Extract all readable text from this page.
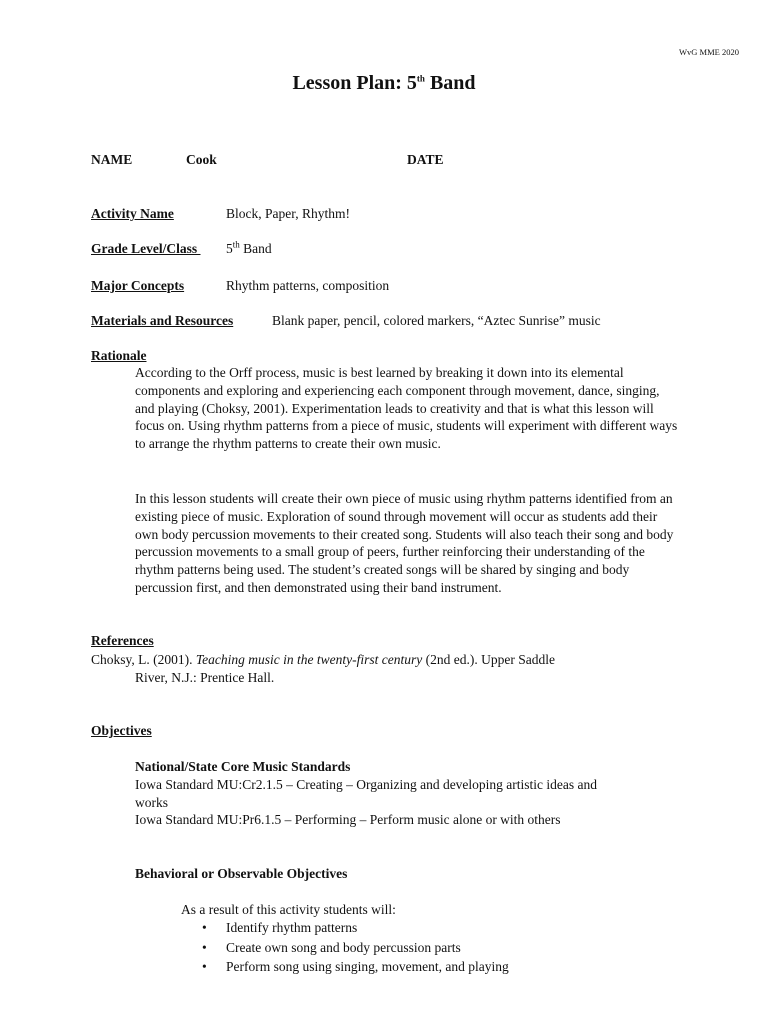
WvG MME 2020
Lesson Plan: 5th Band
NAME	Cook	DATE
Activity Name	Block, Paper, Rhythm!
Grade Level/Class 5th Band
Major Concepts	Rhythm patterns, composition
Materials and Resources	Blank paper, pencil, colored markers, “Aztec Sunrise” music
Rationale
According to the Orff process, music is best learned by breaking it down into its elemental components and exploring and experiencing each component through movement, dance, singing, and playing (Choksy, 2001). Experimentation leads to creativity and that is what this lesson will focus on. Using rhythm patterns from a piece of music, students will experiment with different ways to arrange the rhythm patterns to create their own music.
In this lesson students will create their own piece of music using rhythm patterns identified from an existing piece of music. Exploration of sound through movement will occur as students add their own body percussion movements to their created song. Students will also teach their song and body percussion movements to a small group of peers, further reinforcing their understanding of the rhythm patterns being used. The student’s created songs will be shared by singing and body percussion first, and then demonstrated using their band instrument.
References
Choksy, L. (2001). Teaching music in the twenty-first century (2nd ed.). Upper Saddle
River, N.J.: Prentice Hall.
Objectives
National/State Core Music Standards
Iowa Standard MU:Cr2.1.5 – Creating – Organizing and developing artistic ideas and
works
Iowa Standard MU:Pr6.1.5 – Performing – Perform music alone or with others
Behavioral or Observable Objectives
As a result of this activity students will:
• Identify rhythm patterns
• Create own song and body percussion parts
• Perform song using singing, movement, and playing
